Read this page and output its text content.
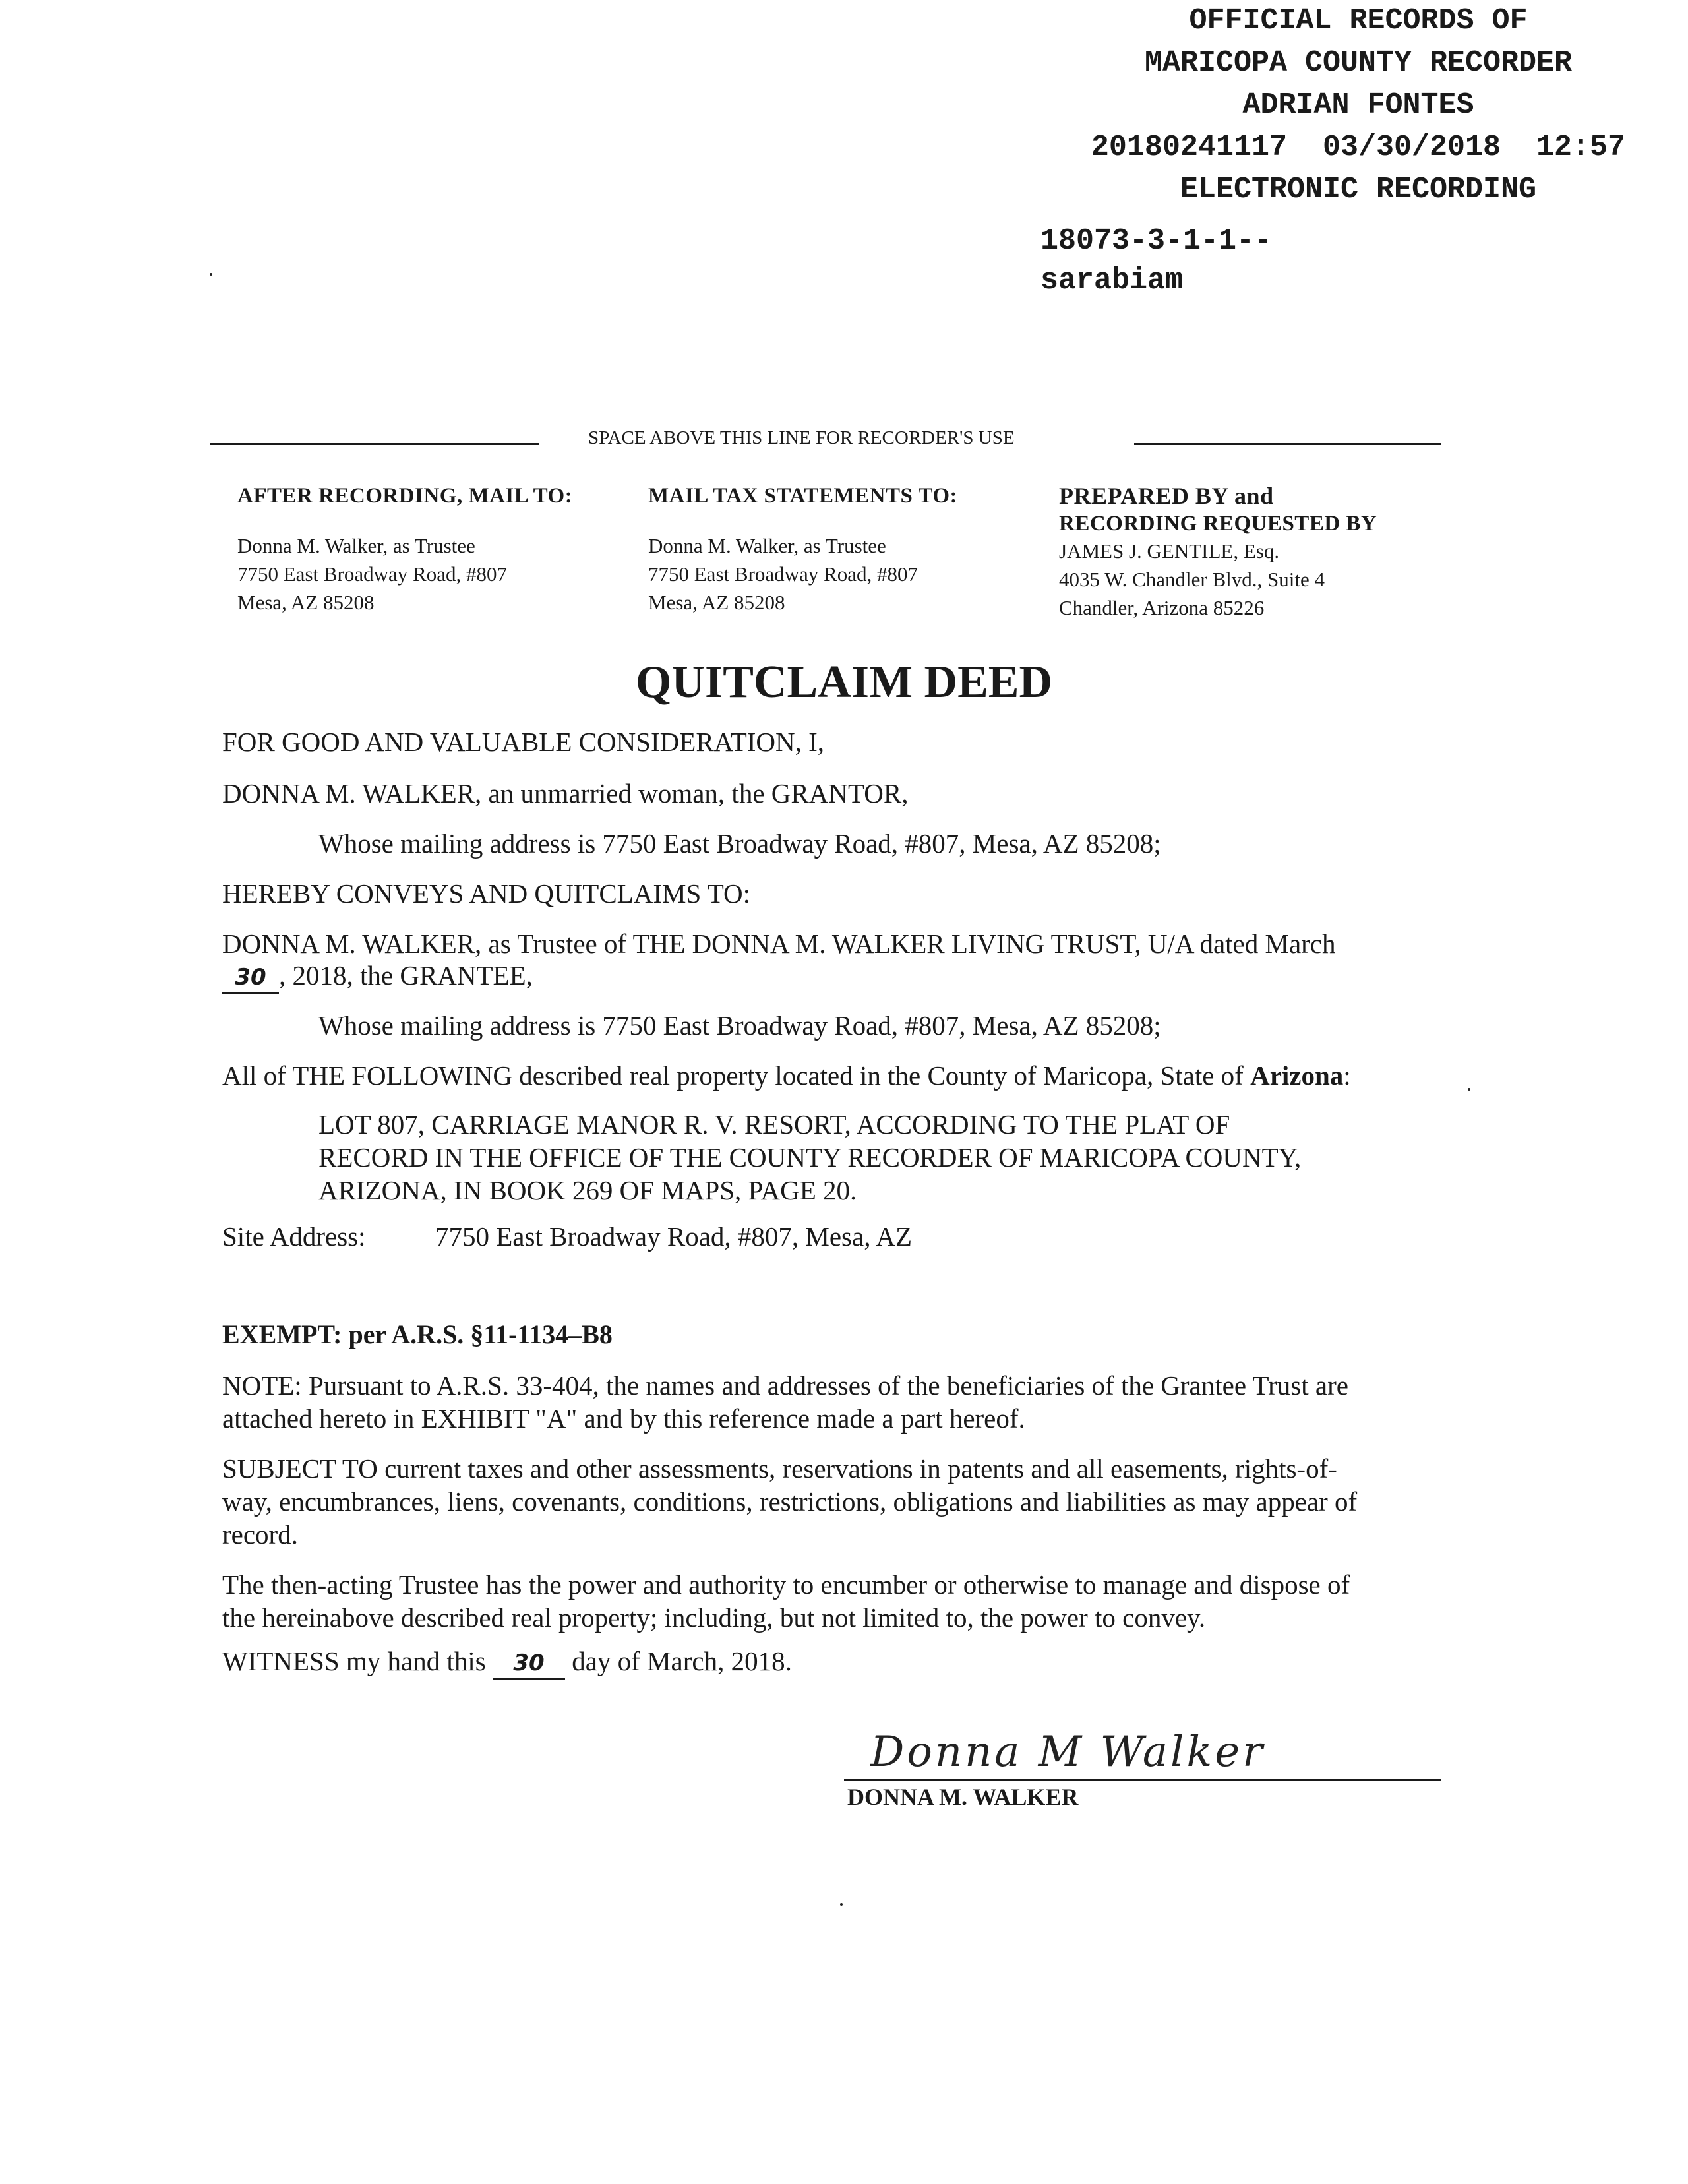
OFFICIAL RECORDS OF
MARICOPA COUNTY RECORDER
ADRIAN FONTES
20180241117  03/30/2018  12:57
ELECTRONIC RECORDING
18073-3-1-1--
sarabiam
SPACE ABOVE THIS LINE FOR RECORDER'S USE
AFTER RECORDING, MAIL TO:
Donna M. Walker, as Trustee
7750 East Broadway Road, #807
Mesa, AZ 85208
MAIL TAX STATEMENTS TO:
Donna M. Walker, as Trustee
7750 East Broadway Road, #807
Mesa, AZ 85208
PREPARED BY and
RECORDING REQUESTED BY
JAMES J. GENTILE, Esq.
4035 W. Chandler Blvd., Suite 4
Chandler, Arizona 85226
QUITCLAIM DEED
FOR GOOD AND VALUABLE CONSIDERATION, I,
DONNA M. WALKER, an unmarried woman, the GRANTOR,
Whose mailing address is 7750 East Broadway Road, #807, Mesa, AZ 85208;
HEREBY CONVEYS AND QUITCLAIMS TO:
DONNA M. WALKER, as Trustee of THE DONNA M. WALKER LIVING TRUST, U/A dated March
30 , 2018, the GRANTEE,
Whose mailing address is 7750 East Broadway Road, #807, Mesa, AZ 85208;
All of THE FOLLOWING described real property located in the County of Maricopa, State of Arizona:
LOT 807, CARRIAGE MANOR R. V. RESORT, ACCORDING TO THE PLAT OF
RECORD IN THE OFFICE OF THE COUNTY RECORDER OF MARICOPA COUNTY,
ARIZONA, IN BOOK 269 OF MAPS, PAGE 20.
Site Address:	7750 East Broadway Road, #807, Mesa, AZ
EXEMPT: per A.R.S. §11-1134–B8
NOTE: Pursuant to A.R.S. 33-404, the names and addresses of the beneficiaries of the Grantee Trust are
attached hereto in EXHIBIT "A" and by this reference made a part hereof.
SUBJECT TO current taxes and other assessments, reservations in patents and all easements, rights-of-
way, encumbrances, liens, covenants, conditions, restrictions, obligations and liabilities as may appear of
record.
The then-acting Trustee has the power and authority to encumber or otherwise to manage and dispose of
the hereinabove described real property; including, but not limited to, the power to convey.
WITNESS my hand this 30 day of March, 2018.
Donna M Walker
DONNA M. WALKER
